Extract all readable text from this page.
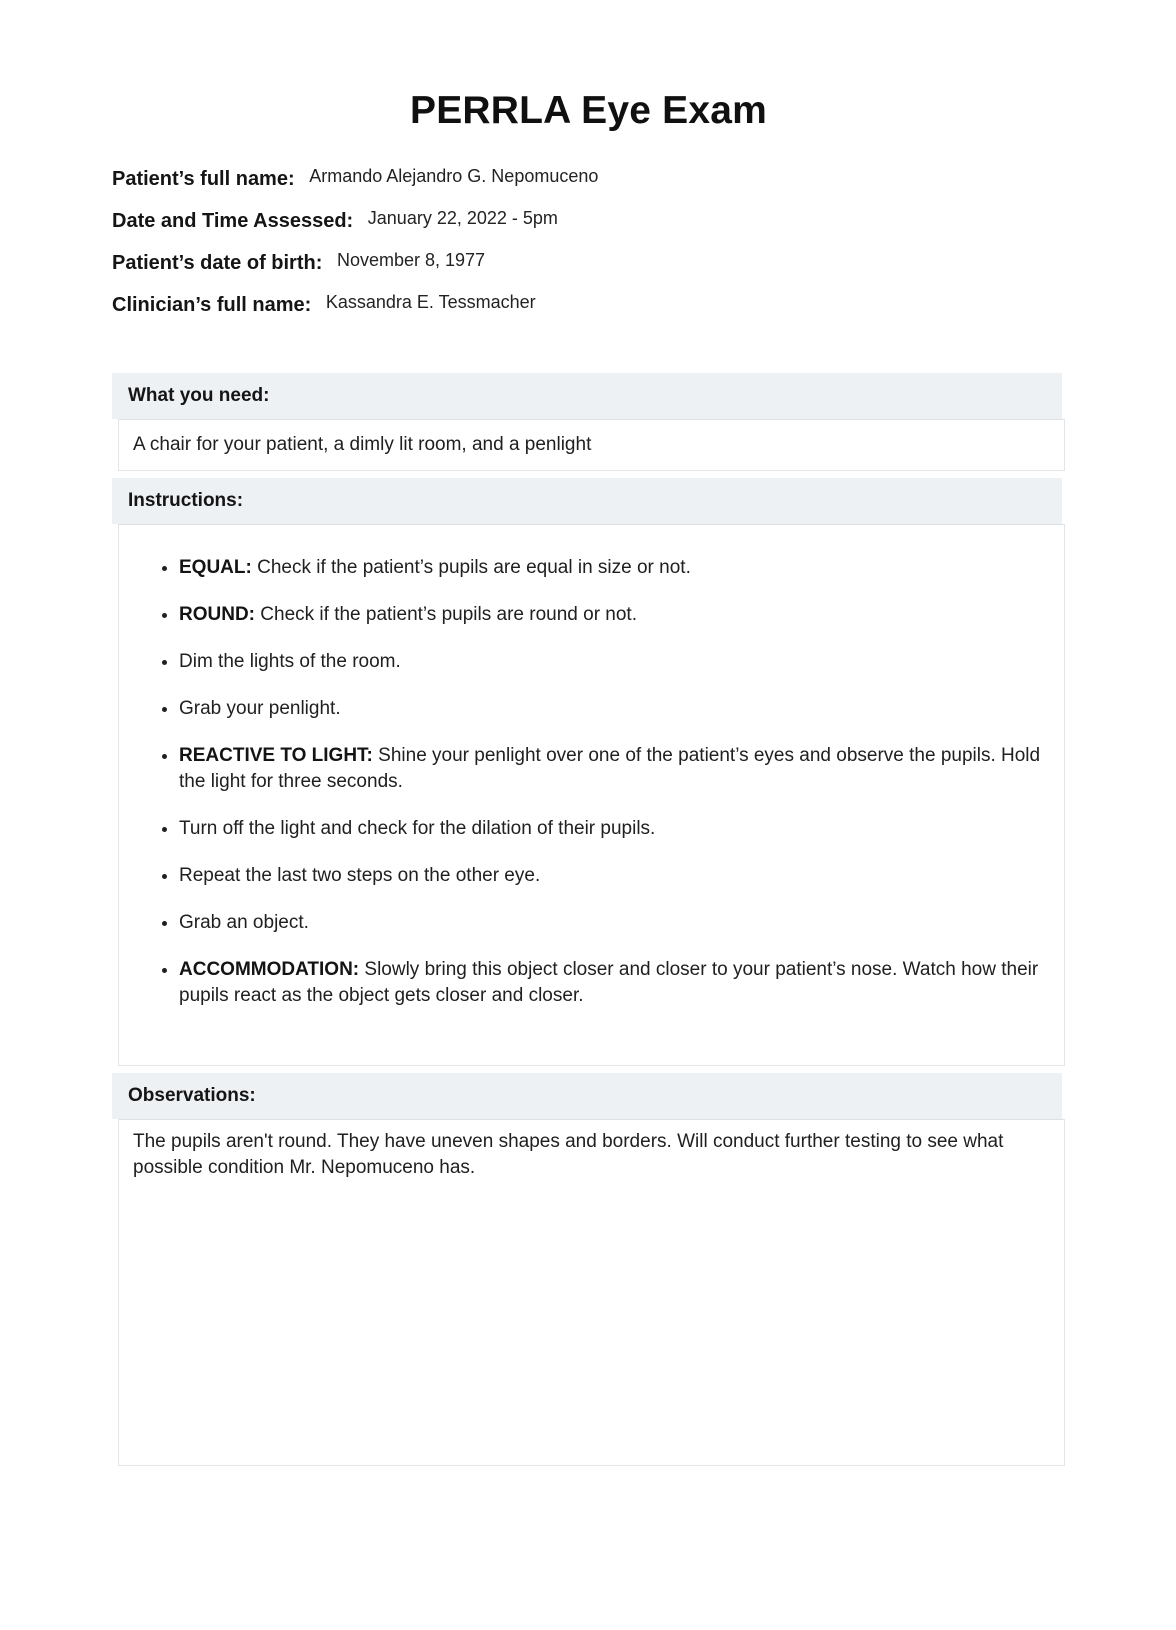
PERRLA Eye Exam
Patient’s full name: Armando Alejandro G. Nepomuceno
Date and Time Assessed: January 22, 2022 - 5pm
Patient’s date of birth: November 8, 1977
Clinician’s full name: Kassandra E. Tessmacher
What you need:
A chair for your patient, a dimly lit room, and a penlight
Instructions:
• EQUAL: Check if the patient’s pupils are equal in size or not.
• ROUND: Check if the patient’s pupils are round or not.
• Dim the lights of the room.
• Grab your penlight.
• REACTIVE TO LIGHT: Shine your penlight over one of the patient’s eyes and observe the pupils. Hold the light for three seconds.
• Turn off the light and check for the dilation of their pupils.
• Repeat the last two steps on the other eye.
• Grab an object.
• ACCOMMODATION: Slowly bring this object closer and closer to your patient’s nose. Watch how their pupils react as the object gets closer and closer.
Observations:
The pupils aren't round. They have uneven shapes and borders. Will conduct further testing to see what possible condition Mr. Nepomuceno has.
